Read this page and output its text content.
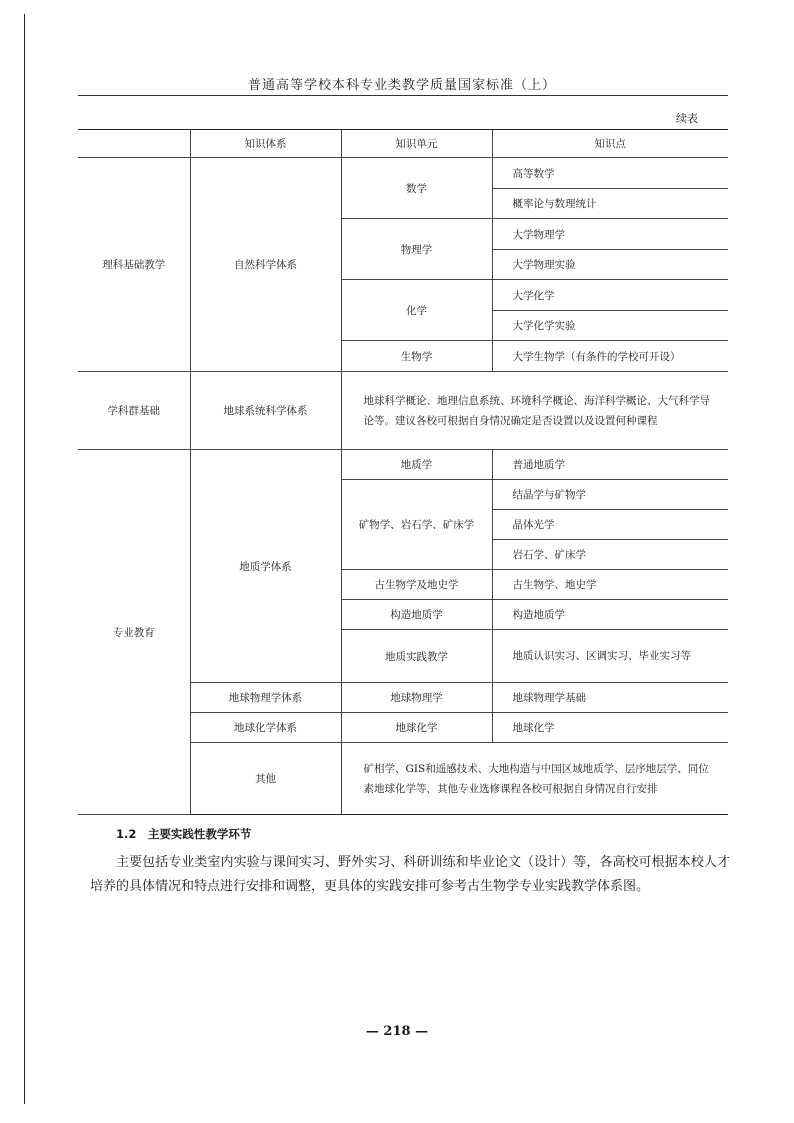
普通高等学校本科专业类教学质量国家标准（上）
续表
	知识体系	知识单元	知识点
理科基础教学	自然科学体系	数学	高等数学
			概率论与数理统计
		物理学	大学物理学
			大学物理实验
		化学	大学化学
			大学化学实验
		生物学	大学生物学（有条件的学校可开设）
学科群基础	地球系统科学体系	地球科学概论、地理信息系统、环境科学概论、海洋科学概论、大气科学导论等。建议各校可根据自身情况确定是否设置以及设置何种课程	
专业教育	地质学体系	地质学	普通地质学
		矿物学、岩石学、矿床学	结晶学与矿物学
			晶体光学
			岩石学、矿床学
		古生物学及地史学	古生物学、地史学
		构造地质学	构造地质学
		地质实践教学	地质认识实习、区调实习、毕业实习等

	地球物理学体系	地球物理学	地球物理学基础
	地球化学体系	地球化学	地球化学
	其他	矿相学、GIS和遥感技术、大地构造与中国区域地质学、层序地层学、同位素地球化学等，其他专业选修课程各校可根据自身情况自行安排	
1.2　主要实践性教学环节
主要包括专业类室内实验与课间实习、野外实习、科研训练和毕业论文（设计）等，各高校可根据本校人才培养的具体情况和特点进行安排和调整，更具体的实践安排可参考古生物学专业实践教学体系图。
— 218 —
